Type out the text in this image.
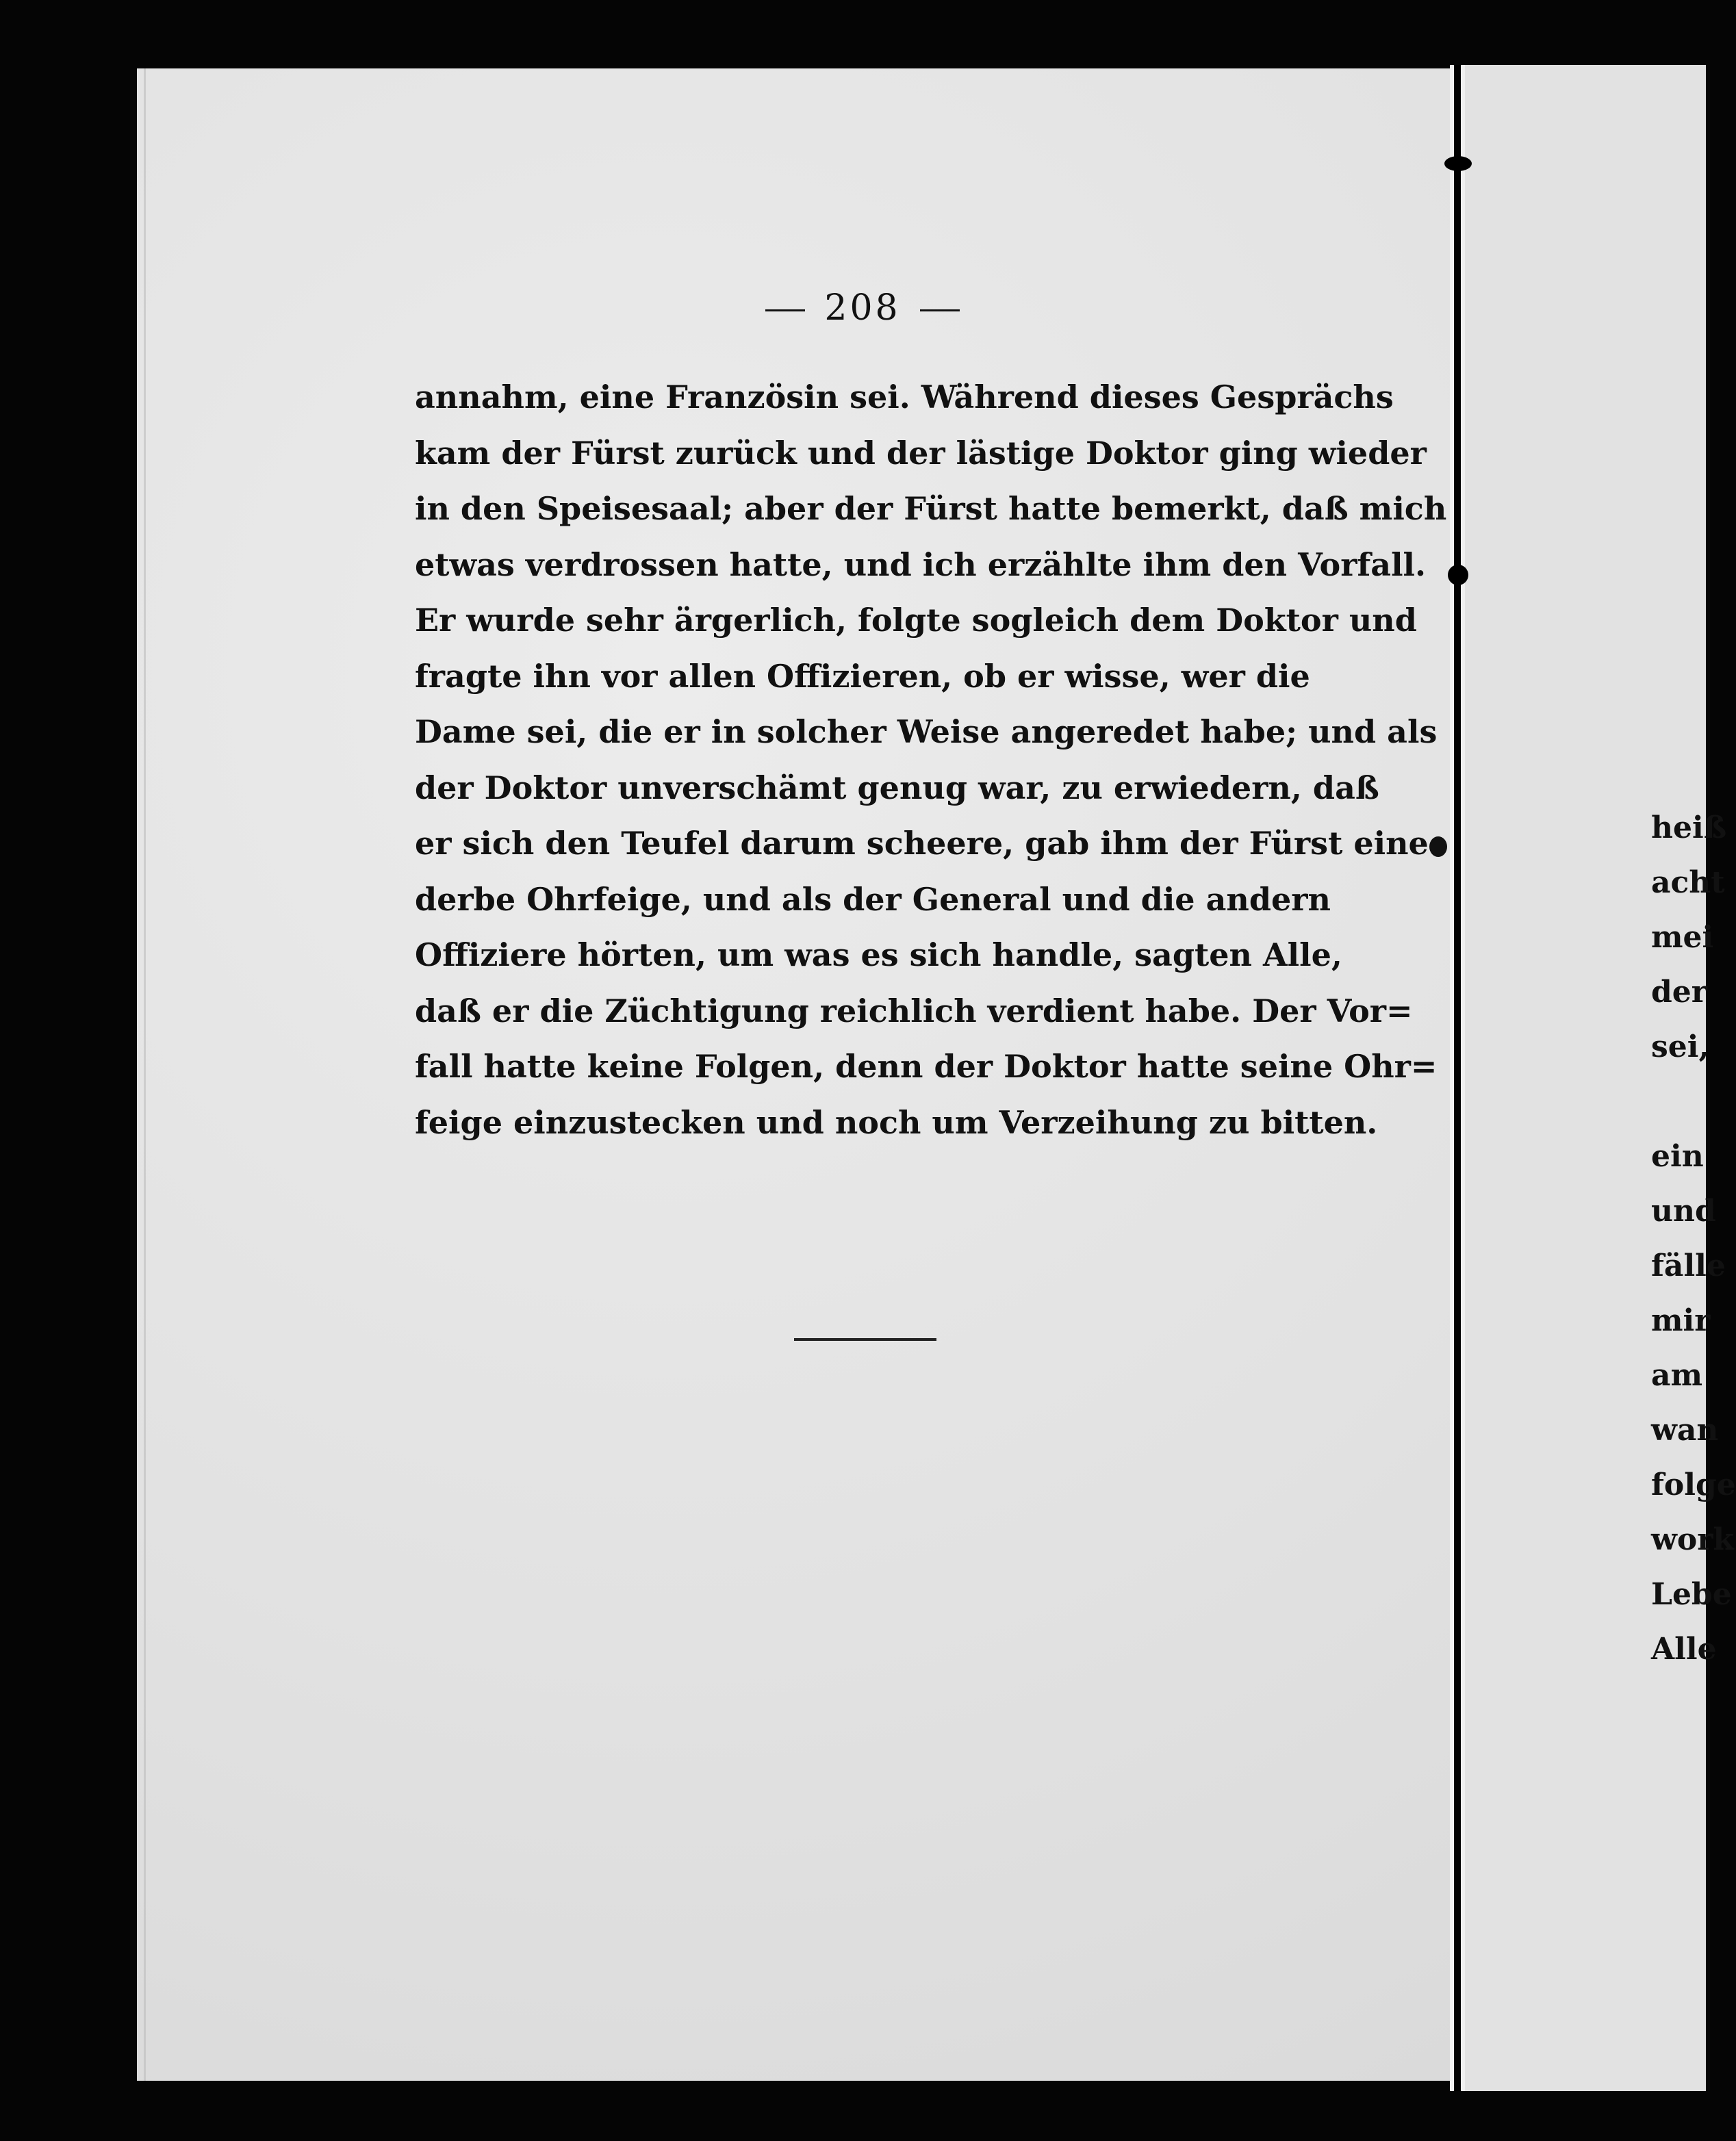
208
annahm, eine Französin sei. Während dieses Gesprächs
kam der Fürst zurück und der lästige Doktor ging wieder
in den Speisesaal; aber der Fürst hatte bemerkt, daß mich
etwas verdrossen hatte, und ich erzählte ihm den Vorfall.
Er wurde sehr ärgerlich, folgte sogleich dem Doktor und
fragte ihn vor allen Offizieren, ob er wisse, wer die
Dame sei, die er in solcher Weise angeredet habe; und als
der Doktor unverschämt genug war, zu erwiedern, daß
er sich den Teufel darum scheere, gab ihm der Fürst eine
derbe Ohrfeige, und als der General und die andern
Offiziere hörten, um was es sich handle, sagten Alle,
daß er die Züchtigung reichlich verdient habe. Der Vor=
fall hatte keine Folgen, denn der Doktor hatte seine Ohr=
feige einzustecken und noch um Verzeihung zu bitten.
heiß
acht
mei
der
sei,
ein
und
fälle
mir
am
wan
folge
work
Lebe
Alle
